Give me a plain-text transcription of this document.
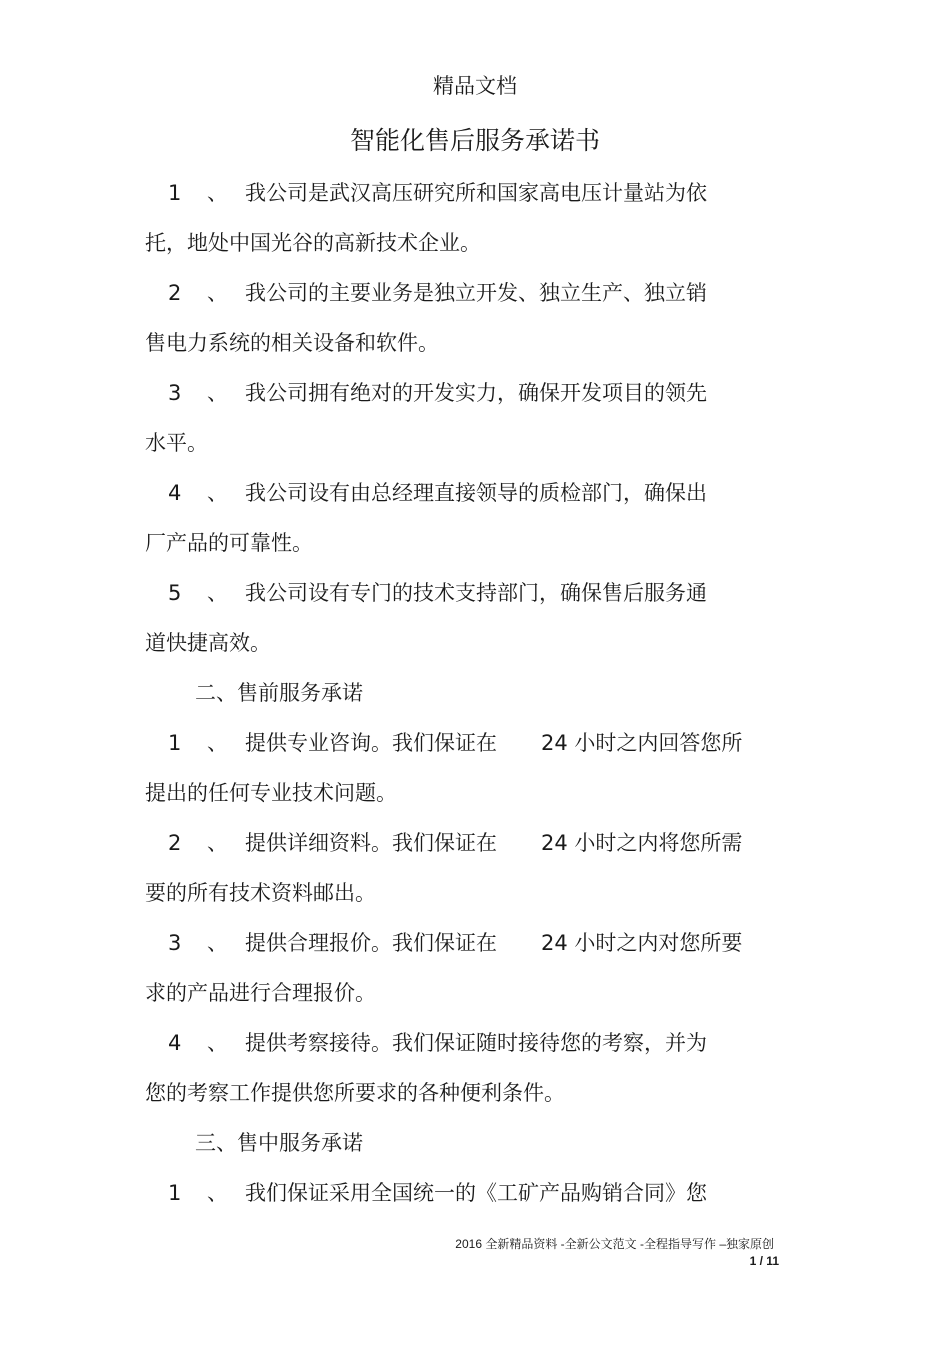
精品文档
智能化售后服务承诺书
1 、 我公司是武汉高压研究所和国家高电压计量站为依
托，地处中国光谷的高新技术企业。
2 、 我公司的主要业务是独立开发、独立生产、独立销
售电力系统的相关设备和软件。
3 、 我公司拥有绝对的开发实力，确保开发项目的领先
水平。
4 、 我公司设有由总经理直接领导的质检部门，确保出
厂产品的可靠性。
5 、 我公司设有专门的技术支持部门，确保售后服务通
道快捷高效。
二、售前服务承诺
1 、 提供专业咨询。我们保证在 24 小时之内回答您所
提出的任何专业技术问题。
2 、 提供详细资料。我们保证在 24 小时之内将您所需
要的所有技术资料邮出。
3 、 提供合理报价。我们保证在 24 小时之内对您所要
求的产品进行合理报价。
4 、 提供考察接待。我们保证随时接待您的考察，并为
您的考察工作提供您所要求的各种便利条件。
三、售中服务承诺
1 、 我们保证采用全国统一的《工矿产品购销合同》您
2016 全新精品资料 -全新公文范文 -全程指导写作 –独家原创
1 / 11
